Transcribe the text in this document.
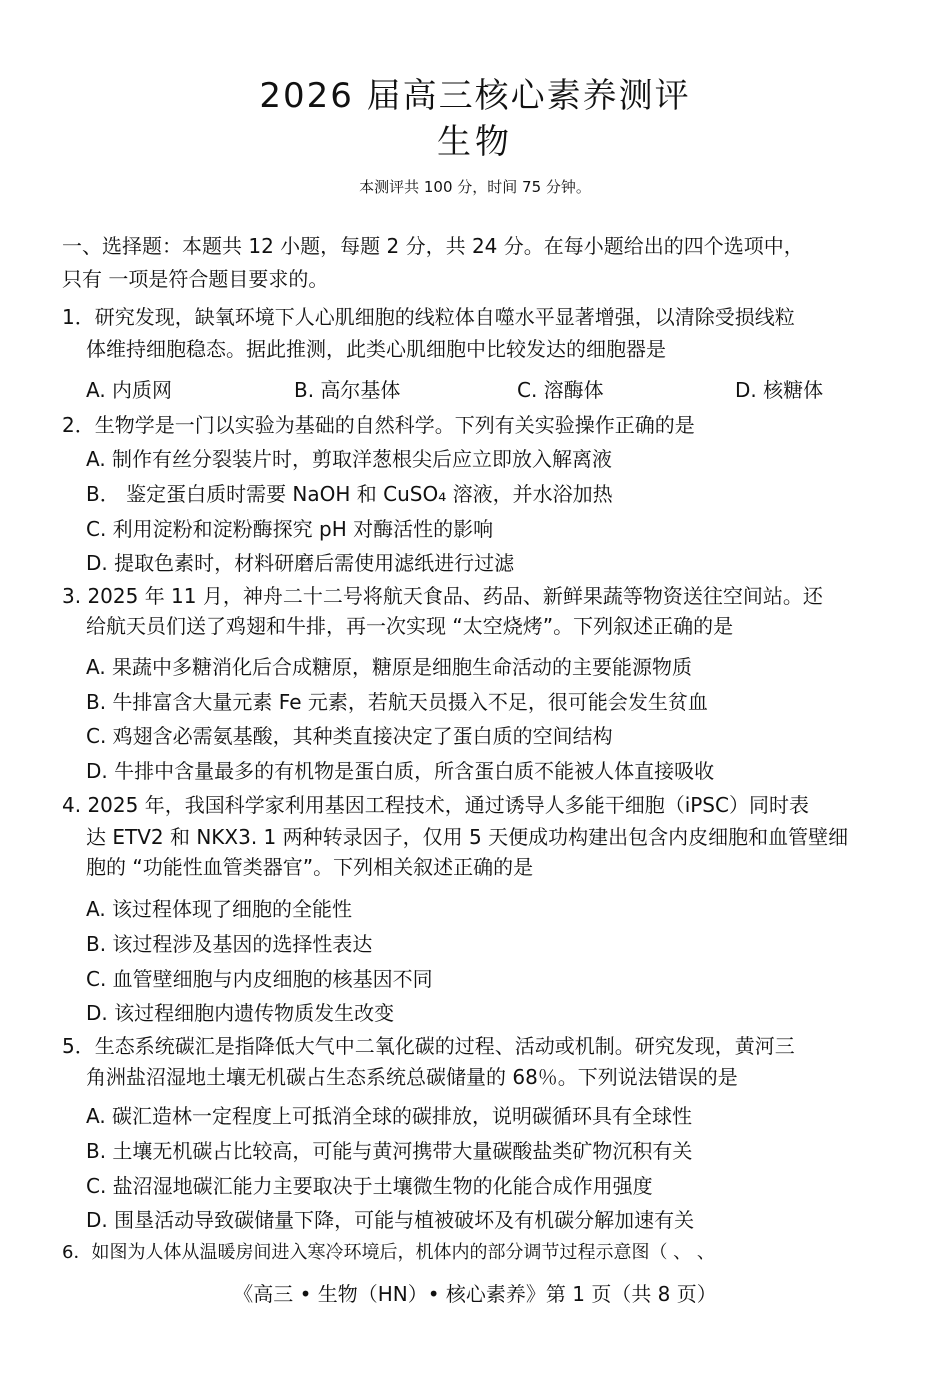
2026 届高三核心素养测评
生物
本测评共 100 分，时间 75 分钟。
一、选择题：本题共 12 小题，每题 2 分，共 24 分。在每小题给出的四个选项中，
只有 一项是符合题目要求的。
1．研究发现，缺氧环境下人心肌细胞的线粒体自噬水平显著增强，以清除受损线粒
体维持细胞稳态。据此推测，此类心肌细胞中比较发达的细胞器是
A. 内质网	B. 高尔基体	C. 溶酶体	D. 核糖体
2．生物学是一门以实验为基础的自然科学。下列有关实验操作正确的是
A. 制作有丝分裂装片时，剪取洋葱根尖后应立即放入解离液
B． 鉴定蛋白质时需要 NaOH 和 CuSO₄ 溶液，并水浴加热
C. 利用淀粉和淀粉酶探究 pH 对酶活性的影响
D. 提取色素时，材料研磨后需使用滤纸进行过滤
3. 2025 年 11 月，神舟二十二号将航天食品、药品、新鲜果蔬等物资送往空间站。还
给航天员们送了鸡翅和牛排，再一次实现 “太空烧烤”。下列叙述正确的是
A. 果蔬中多糖消化后合成糖原，糖原是细胞生命活动的主要能源物质
B. 牛排富含大量元素 Fe 元素，若航天员摄入不足，很可能会发生贫血
C. 鸡翅含必需氨基酸，其种类直接决定了蛋白质的空间结构
D. 牛排中含量最多的有机物是蛋白质，所含蛋白质不能被人体直接吸收
4. 2025 年，我国科学家利用基因工程技术，通过诱导人多能干细胞（iPSC）同时表
达 ETV2 和 NKX3. 1 两种转录因子，仅用 5 天便成功构建出包含内皮细胞和血管壁细
胞的 “功能性血管类器官”。下列相关叙述正确的是
A. 该过程体现了细胞的全能性
B. 该过程涉及基因的选择性表达
C. 血管壁细胞与内皮细胞的核基因不同
D. 该过程细胞内遗传物质发生改变
5．生态系统碳汇是指降低大气中二氧化碳的过程、活动或机制。研究发现，黄河三
角洲盐沼湿地土壤无机碳占生态系统总碳储量的 68％。下列说法错误的是
A. 碳汇造林一定程度上可抵消全球的碳排放，说明碳循环具有全球性
B. 土壤无机碳占比较高，可能与黄河携带大量碳酸盐类矿物沉积有关
C. 盐沼湿地碳汇能力主要取决于土壤微生物的化能合成作用强度
D. 围垦活动导致碳储量下降，可能与植被破坏及有机碳分解加速有关
6．如图为人体从温暖房间进入寒冷环境后，机体内的部分调节过程示意图（ 、 、
《高三 • 生物（HN）• 核心素养》第 1 页（共 8 页）
